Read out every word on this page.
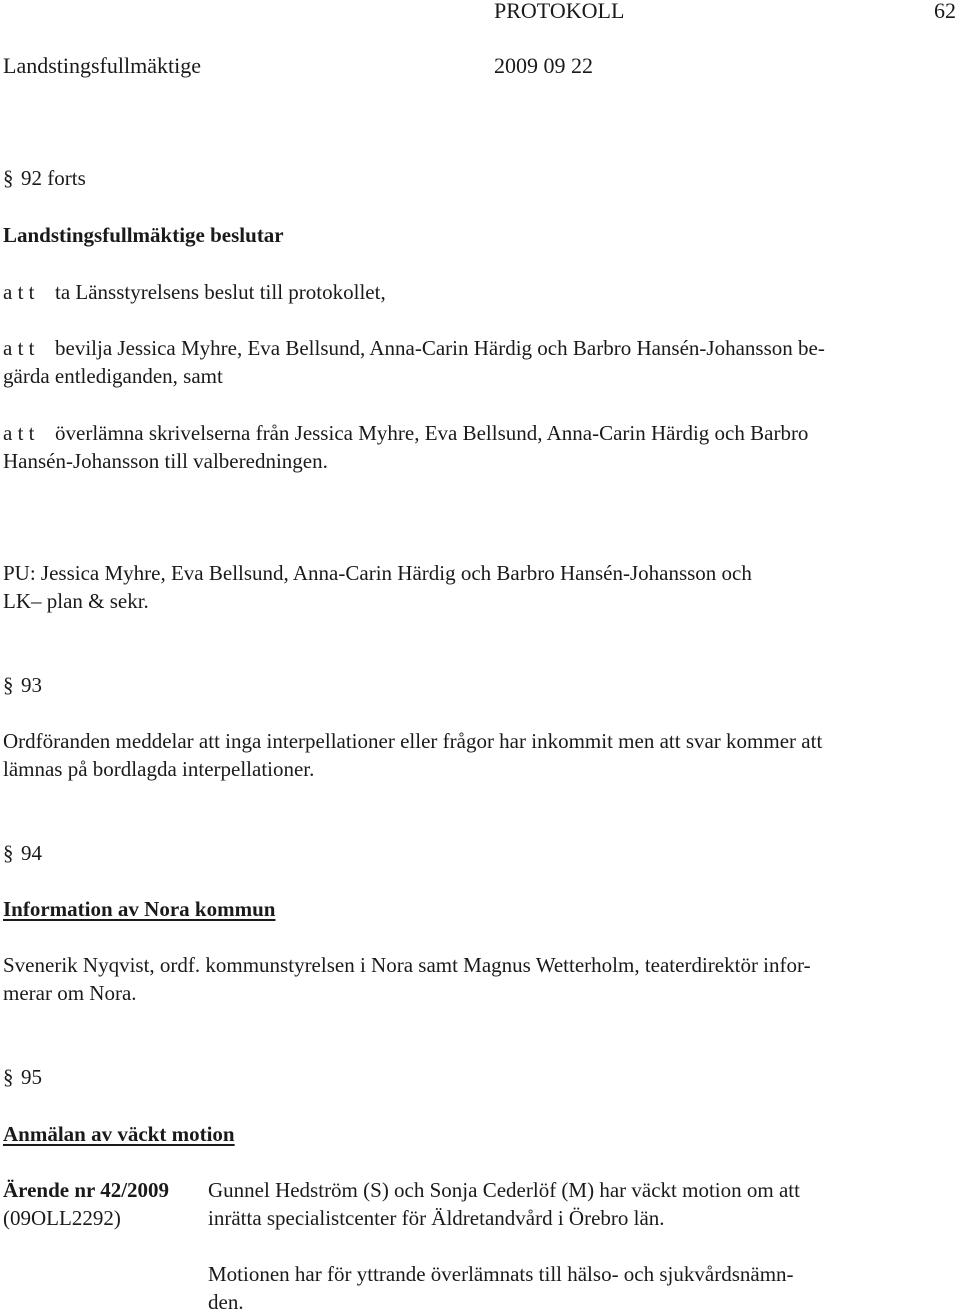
PROTOKOLL	62
Landstingsfullmäktige	2009 09 22
§ 92 forts
Landstingsfullmäktige beslutar
a t t ta Länsstyrelsens beslut till protokollet,
a t t bevilja Jessica Myhre, Eva Bellsund, Anna-Carin Härdig och Barbro Hansén-Johansson be-
gärda entlediganden, samt
a t t överlämna skrivelserna från Jessica Myhre, Eva Bellsund, Anna-Carin Härdig och Barbro
Hansén-Johansson till valberedningen.
PU: Jessica Myhre, Eva Bellsund, Anna-Carin Härdig och Barbro Hansén-Johansson och
LK– plan & sekr.
§ 93
Ordföranden meddelar att inga interpellationer eller frågor har inkommit men att svar kommer att
lämnas på bordlagda interpellationer.
§ 94
Information av Nora kommun
Svenerik Nyqvist, ordf. kommunstyrelsen i Nora samt Magnus Wetterholm, teaterdirektör infor-
merar om Nora.
§ 95
Anmälan av väckt motion
Ärende nr 42/2009
(09OLL2292)
Gunnel Hedström (S) och Sonja Cederlöf (M) har väckt motion om att
inrätta specialistcenter för Äldretandvård i Örebro län.
Motionen har för yttrande överlämnats till hälso- och sjukvårdsnämn-
den.
